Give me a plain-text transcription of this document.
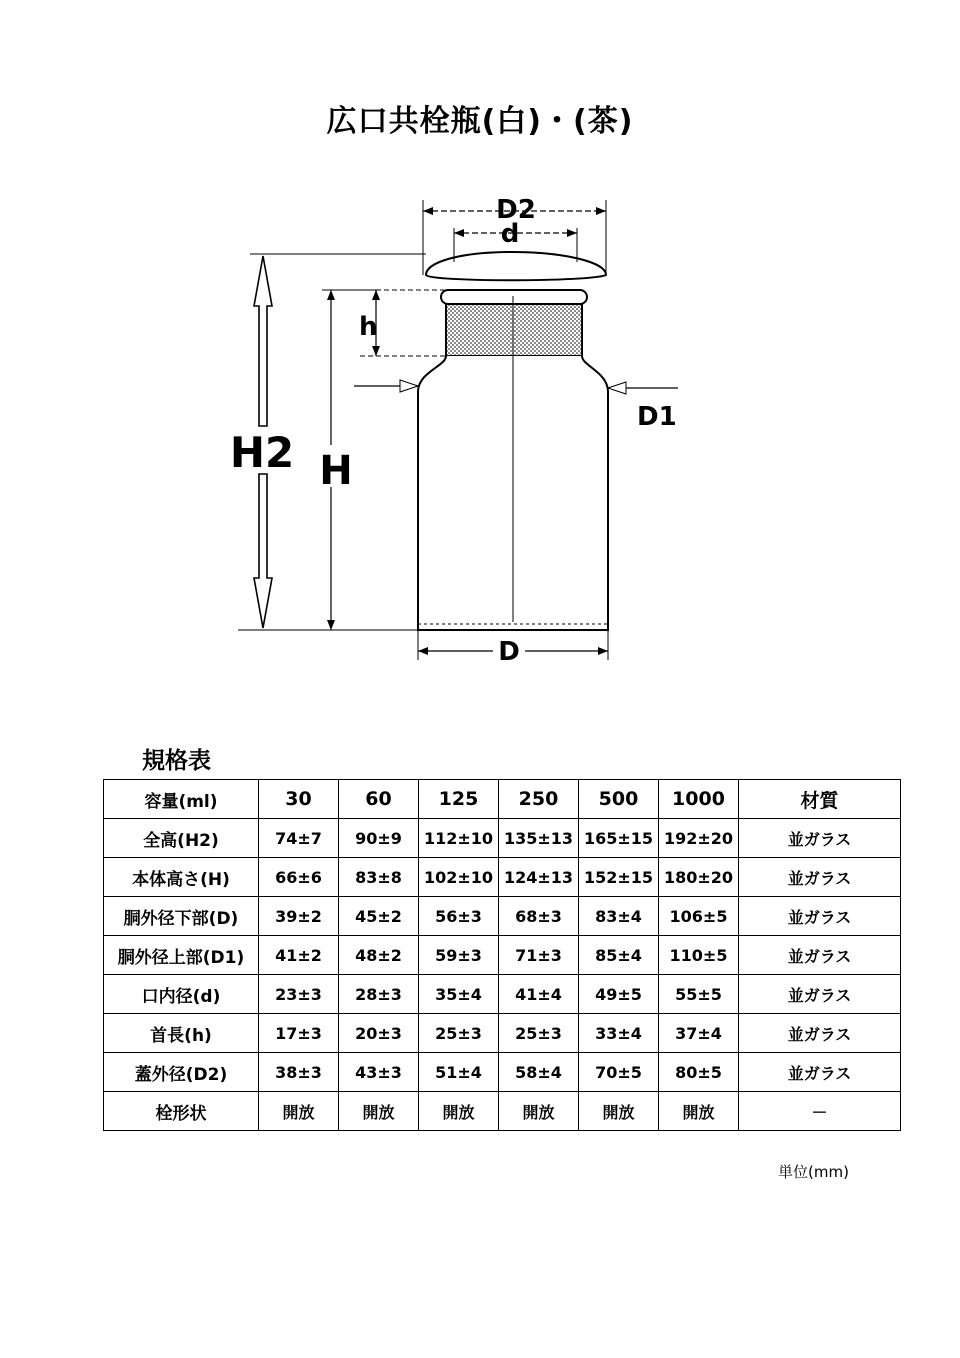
広口共栓瓶(白)・(茶)
D2
d
h
H2 H
D1
D
規格表
容量(ml)	30	60	125	250	500	1000	材質
全高(H2)	74±7	90±9	112±10	135±13	165±15	192±20	並ガラス
本体高さ(H)	66±6	83±8	102±10	124±13	152±15	180±20	並ガラス
胴外径下部(D)	39±2	45±2	56±3	68±3	83±4	106±5	並ガラス
胴外径上部(D1)	41±2	48±2	59±3	71±3	85±4	110±5	並ガラス
口内径(d)	23±3	28±3	35±4	41±4	49±5	55±5	並ガラス
首長(h)	17±3	20±3	25±3	25±3	33±4	37±4	並ガラス
蓋外径(D2)	38±3	43±3	51±4	58±4	70±5	80±5	並ガラス
栓形状	開放	開放	開放	開放	開放	開放	－
単位(mm)
